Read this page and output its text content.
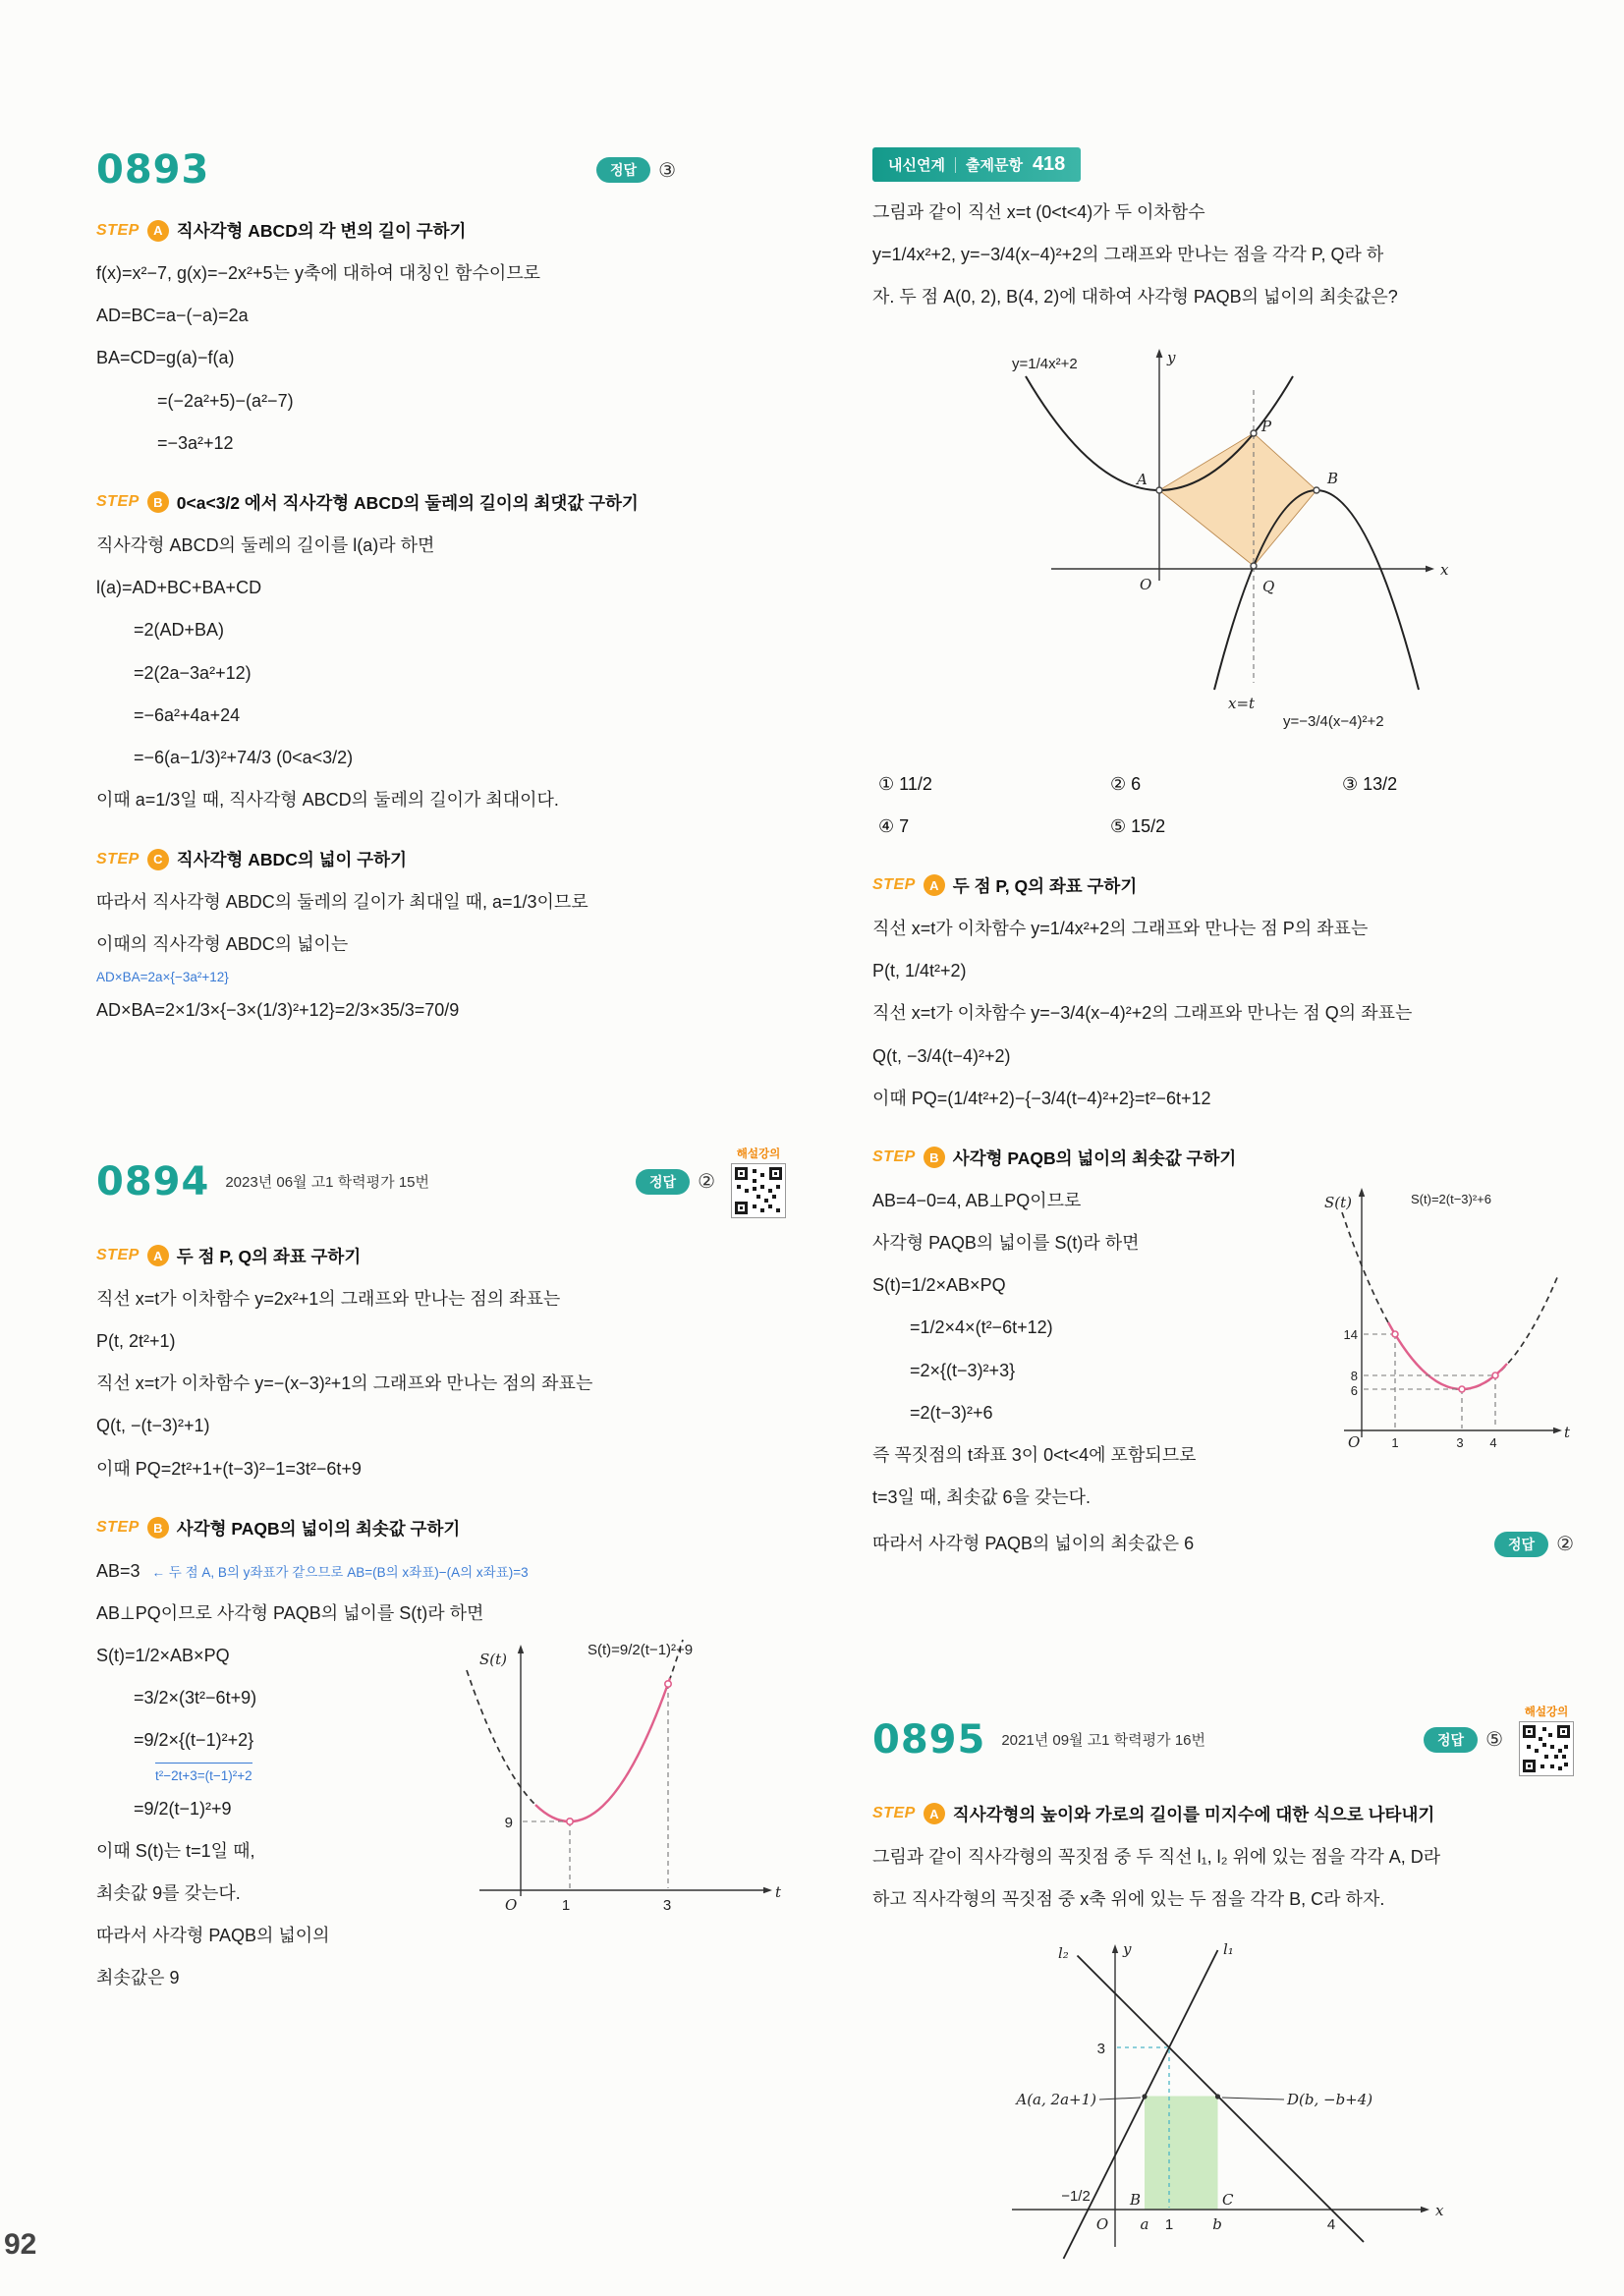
0893	정답	③
STEP	A 직사각형 ABCD의 각 변의 길이 구하기
f(x)=x²−7, g(x)=−2x²+5는 y축에 대하여 대칭인 함수이므로
AD=BC=a−(−a)=2a
BA=CD=g(a)−f(a)
=(−2a²+5)−(a²−7)
=−3a²+12
STEP	B 0<a<3/2 에서 직사각형 ABCD의 둘레의 길이의 최댓값 구하기
직사각형 ABCD의 둘레의 길이를 l(a)라 하면
l(a)=AD+BC+BA+CD
=2(AD+BA)
=2(2a−3a²+12)
=−6a²+4a+24
=−6(a−1/3)²+74/3 (0<a<3/2)
이때 a=1/3일 때, 직사각형 ABCD의 둘레의 길이가 최대이다.
STEP	C 직사각형 ABDC의 넓이 구하기
따라서 직사각형 ABDC의 둘레의 길이가 최대일 때, a=1/3이므로
이때의 직사각형 ABDC의 넓이는
AD×BA=2a×{−3a²+12}
AD×BA=2×1/3×{−3×(1/3)²+12}=2/3×35/3=70/9
0894 2023년 06월 고1 학력평가 15번	정답	②
해설강의
STEP	A 두 점 P, Q의 좌표 구하기
직선 x=t가 이차함수 y=2x²+1의 그래프와 만나는 점의 좌표는
P(t, 2t²+1)
직선 x=t가 이차함수 y=−(x−3)²+1의 그래프와 만나는 점의 좌표는
Q(t, −(t−3)²+1)
이때 PQ=2t²+1+(t−3)²−1=3t²−6t+9
STEP	B 사각형 PAQB의 넓이의 최솟값 구하기
AB=3 ← 두 점 A, B의 y좌표가 같으므로 AB=(B의 x좌표)−(A의 x좌표)=3
AB⊥PQ이므로 사각형 PAQB의 넓이를 S(t)라 하면
S(t)=1/2×AB×PQ
=3/2×(3t²−6t+9)
=9/2×{(t−1)²+2}
t²−2t+3=(t−1)²+2
=9/2(t−1)²+9
이때 S(t)는 t=1일 때,
최솟값 9를 갖는다.
따라서 사각형 PAQB의 넓이의
최솟값은 9
S(t)
S(t)=9/2(t−1)²+9
9
O	1	3
t
내신연계 출제문항 418
그림과 같이 직선 x=t (0<t<4)가 두 이차함수
y=1/4x²+2, y=−3/4(x−4)²+2의 그래프와 만나는 점을 각각 P, Q라 하
자. 두 점 A(0, 2), B(4, 2)에 대하여 사각형 PAQB의 넓이의 최솟값은?
y=1/4x²+2	y
P
A	B
O	Q
x
x=t
y=−3/4(x−4)²+2
① 11/2	② 6	③ 13/2
④ 7	⑤ 15/2
STEP	A 두 점 P, Q의 좌표 구하기
직선 x=t가 이차함수 y=1/4x²+2의 그래프와 만나는 점 P의 좌표는
P(t, 1/4t²+2)
직선 x=t가 이차함수 y=−3/4(x−4)²+2의 그래프와 만나는 점 Q의 좌표는
Q(t, −3/4(t−4)²+2)
이때 PQ=(1/4t²+2)−{−3/4(t−4)²+2}=t²−6t+12
STEP	B 사각형 PAQB의 넓이의 최솟값 구하기
AB=4−0=4, AB⊥PQ이므로
사각형 PAQB의 넓이를 S(t)라 하면
S(t)=1/2×AB×PQ
=1/2×4×(t²−6t+12)
=2×{(t−3)²+3}
=2(t−3)²+6
즉 꼭짓점의 t좌표 3이 0<t<4에 포함되므로
t=3일 때, 최솟값 6을 갖는다.
S(t)	S(t)=2(t−3)²+6
14
8
6
O 1	3 4
t
따라서 사각형 PAQB의 넓이의 최솟값은 6	정답	②
0895 2021년 09월 고1 학력평가 16번	정답	⑤
해설강의
STEP	A 직사각형의 높이와 가로의 길이를 미지수에 대한 식으로 나타내기
그림과 같이 직사각형의 꼭짓점 중 두 직선 l₁, l₂ 위에 있는 점을 각각 A, D라
하고 직사각형의 꼭짓점 중 x축 위에 있는 두 점을 각각 B, C라 하자.
l₂	y	l₁
3
A(a, 2a+1)	D(b, −b+4)
−1/2	B	C
O a 1	b	4
x
92
